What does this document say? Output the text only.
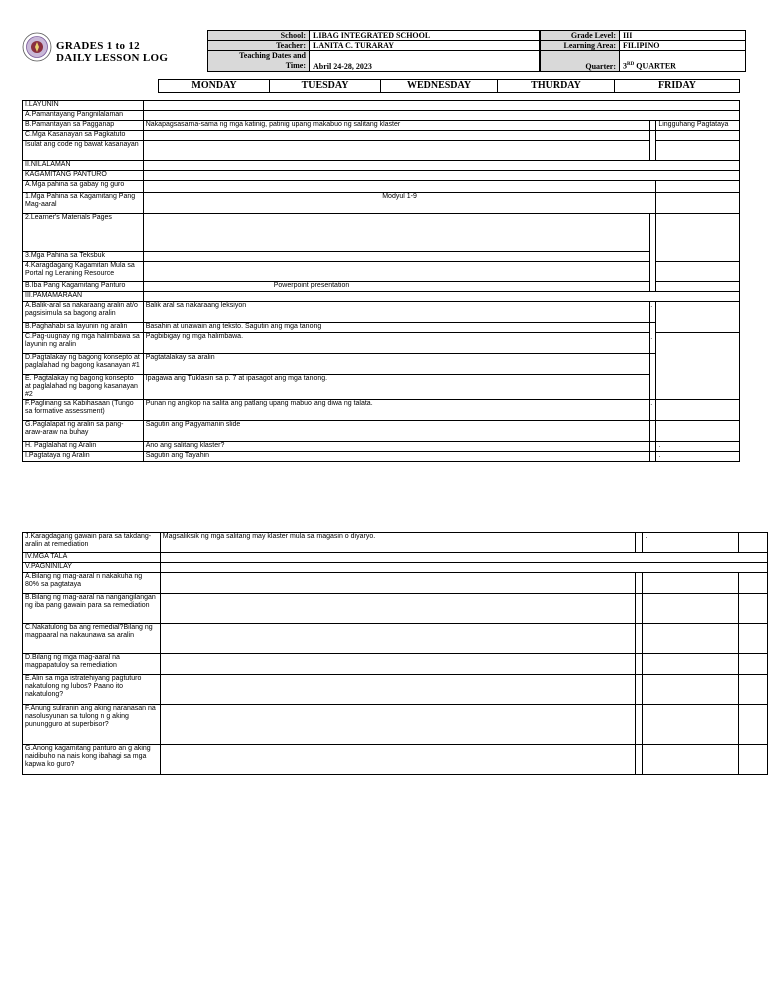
GRADES 1 to 12
DAILY LESSON LOG
School:	LIBAG INTEGRATED SCHOOL
Teacher:	LANITA C. TURARAY

Teaching Dates and
Time:	Abril 24-28, 2023
Grade Level:	III
Learning Area:	FILIPINO
Quarter:	3RD QUARTER
MONDAY	TUESDAY	WEDNESDAY	THURDAY	FRIDAY
I.LAYUNIN			
A.Pamantayang Pangnilalaman			
B.Pamantayan sa Pagganap	Nakapagsasama-sama ng mga katinig, patinig upang makabuo ng salitang klaster		Lingguhang Pagtataya
C.Mga Kasanayan sa Pagkatuto			
Isulat ang code ng bawat kasanayan			
II.NILALAMAN			
KAGAMITANG PANTURO			
A.Mga pahina sa gabay ng guro			
1.Mga Pahina sa Kagamitang Pang Mag-aaral	Modyul 1-9		
2.Learner's Materials Pages			
3.Mga Pahina sa Teksbuk			
4.Karagdagang Kagamitan Mula sa Portal ng Leraning Resource			
B.Iba Pang Kagamitang Panturo	Powerpoint presentation		
III.PAMAMARAAN			
A.Balik-aral sa nakaraang aralin at/o pagsisimula sa bagong aralin	Balik aral sa nakaraang leksiyon	.	
B.Paghahabi sa layunin ng aralin	Basahin at unawain ang teksto. Sagutin ang mga tanong	.	
C.Pag-uugnay ng mga halimbawa sa layunin ng aralin	Pagbibigay ng mga halimbawa.		
D.Pagtalakay ng bagong konsepto at paglalahad ng bagong kasanayan #1	Pagtatalakay sa aralin		
E. Pagtalakay ng bagong konsepto at paglalahad ng bagong kasanayan #2	Ipagawa ang Tuklasin sa p. 7 at ipasagot ang mga tanong.		
F.Paglinang sa Kabihasaan (Tungo sa formative assessment)	Punan ng angkop na salita ang patlang upang mabuo ang diwa ng talata.	.	
G.Paglalapat ng aralin sa pang-araw-araw na buhay	Sagutin ang Pagyamanin slide		
H. Paglalahat ng Aralin	Ano ang salitang klaster?		.
I.Pagtataya ng Aralin	Sagutin ang Tayahin		.
J.Karagdagang gawain para sa takdang-aralin at remediation	Magsaliksik ng mga salitang may klaster mula sa magasin o diyaryo.		.	
IV.MGA TALA				
V.PAGNINILAY				
A.Bilang ng mag-aaral n nakakuha ng 80% sa pagtataya				
B.Bilang ng mag-aaral na nangangilangan ng iba pang gawain para sa remediation				
C.Nakatulong ba ang remedial?Bilang ng magpaaral na nakaunawa sa aralin				
D.Bilang ng mga mag-aaral na magpapatuloy sa remediation				
E.Alin sa mga istratehiyang pagtuturo nakatulong ng lubos? Paano ito nakatulong?				
F.Anung suliranin ang aking naranasan na nasolusyunan sa tulong n g aking punungguro at superbisor?				
G.Anong kagamitang panturo an g aking naidibuho na nais kong ibahagi sa mga kapwa ko guro?				
